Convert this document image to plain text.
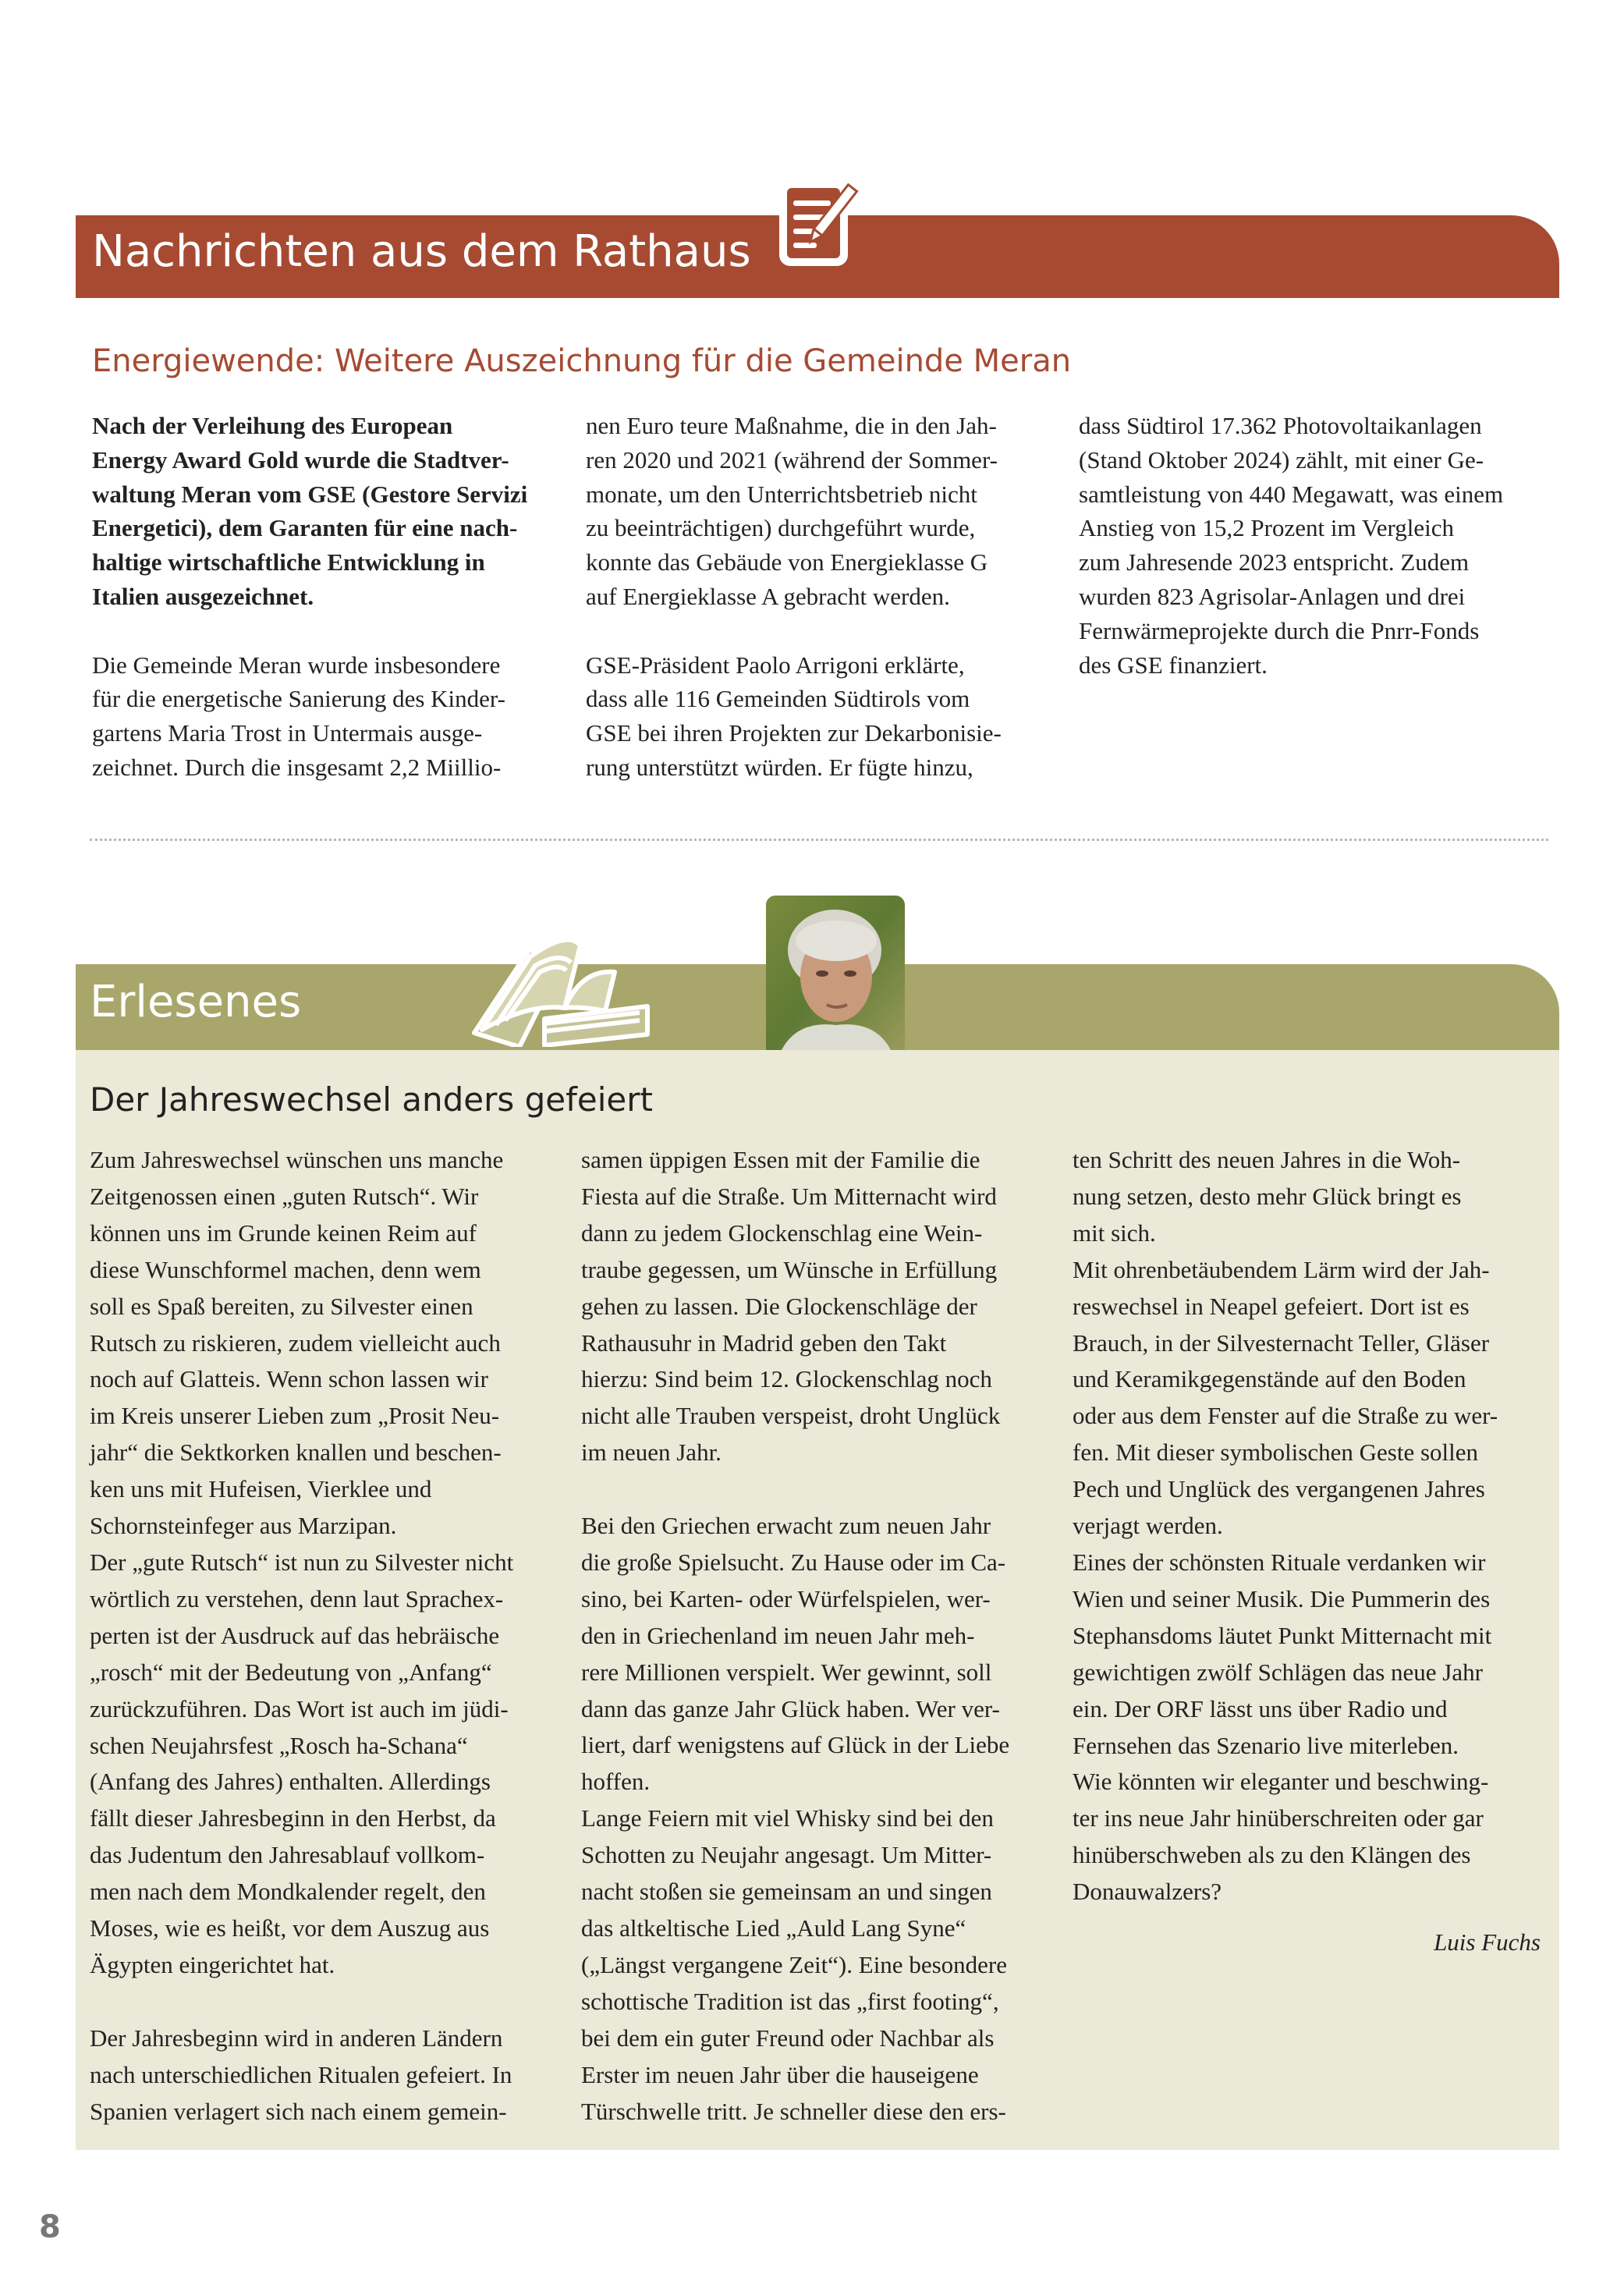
Nachrichten aus dem Rathaus
Energiewende: Weitere Auszeichnung für die Gemeinde Meran

Nach der Verleihung des European

Energy Award Gold wurde die Stadtver-

waltung Meran vom GSE (Gestore Servizi

Energetici), dem Garanten für eine nach-

haltige wirtschaftliche Entwicklung in

Italien ausgezeichnet.

Die Gemeinde Meran wurde insbesondere

für die energetische Sanierung des Kinder-

gartens Maria Trost in Untermais ausge-

zeichnet. Durch die insgesamt 2,2 Miillio-

nen Euro teure Maßnahme, die in den Jah-

ren 2020 und 2021 (während der Sommer-

monate, um den Unterrichtsbetrieb nicht

zu beeinträchtigen) durchgeführt wurde,

konnte das Gebäude von Energieklasse G

auf Energieklasse A gebracht werden.

GSE-Präsident Paolo Arrigoni erklärte,

dass alle 116 Gemeinden Südtirols vom

GSE bei ihren Projekten zur Dekarbonisie-

rung unterstützt würden. Er fügte hinzu,

dass Südtirol 17.362 Photovoltaikanlagen

(Stand Oktober 2024) zählt, mit einer Ge-

samtleistung von 440 Megawatt, was einem

Anstieg von 15,2 Prozent im Vergleich

zum Jahresende 2023 entspricht. Zudem

wurden 823 Agrisolar-Anlagen und drei

Fernwärmeprojekte durch die Pnrr-Fonds

des GSE finanziert.

Erlesenes
Der Jahreswechsel anders gefeiert

Zum Jahreswechsel wünschen uns manche

Zeitgenossen einen „guten Rutsch“. Wir

können uns im Grunde keinen Reim auf

diese Wunschformel machen, denn wem

soll es Spaß bereiten, zu Silvester einen

Rutsch zu riskieren, zudem vielleicht auch

noch auf Glatteis. Wenn schon lassen wir

im Kreis unserer Lieben zum „Prosit Neu-

jahr“ die Sektkorken knallen und beschen-

ken uns mit Hufeisen, Vierklee und

Schornsteinfeger aus Marzipan.

Der „gute Rutsch“ ist nun zu Silvester nicht

wörtlich zu verstehen, denn laut Sprachex-

perten ist der Ausdruck auf das hebräische

„rosch“ mit der Bedeutung von „Anfang“

zurückzuführen. Das Wort ist auch im jüdi-

schen Neujahrsfest „Rosch ha-Schana“

(Anfang des Jahres) enthalten. Allerdings

fällt dieser Jahresbeginn in den Herbst, da

das Judentum den Jahresablauf vollkom-

men nach dem Mondkalender regelt, den

Moses, wie es heißt, vor dem Auszug aus

Ägypten eingerichtet hat.

Der Jahresbeginn wird in anderen Ländern

nach unterschiedlichen Ritualen gefeiert. In

Spanien verlagert sich nach einem gemein-

samen üppigen Essen mit der Familie die

Fiesta auf die Straße. Um Mitternacht wird

dann zu jedem Glockenschlag eine Wein-

traube gegessen, um Wünsche in Erfüllung

gehen zu lassen. Die Glockenschläge der

Rathausuhr in Madrid geben den Takt

hierzu: Sind beim 12. Glockenschlag noch

nicht alle Trauben verspeist, droht Unglück

im neuen Jahr.

Bei den Griechen erwacht zum neuen Jahr

die große Spielsucht. Zu Hause oder im Ca-

sino, bei Karten- oder Würfelspielen, wer-

den in Griechenland im neuen Jahr meh-

rere Millionen verspielt. Wer gewinnt, soll

dann das ganze Jahr Glück haben. Wer ver-

liert, darf wenigstens auf Glück in der Liebe

hoffen.

Lange Feiern mit viel Whisky sind bei den

Schotten zu Neujahr angesagt. Um Mitter-

nacht stoßen sie gemeinsam an und singen

das altkeltische Lied „Auld Lang Syne“

(„Längst vergangene Zeit“). Eine besondere

schottische Tradition ist das „first footing“,

bei dem ein guter Freund oder Nachbar als

Erster im neuen Jahr über die hauseigene

Türschwelle tritt. Je schneller diese den ers-

ten Schritt des neuen Jahres in die Woh-

nung setzen, desto mehr Glück bringt es

mit sich.

Mit ohrenbetäubendem Lärm wird der Jah-

reswechsel in Neapel gefeiert. Dort ist es

Brauch, in der Silvesternacht Teller, Gläser

und Keramikgegenstände auf den Boden

oder aus dem Fenster auf die Straße zu wer-

fen. Mit dieser symbolischen Geste sollen

Pech und Unglück des vergangenen Jahres

verjagt werden.

Eines der schönsten Rituale verdanken wir

Wien und seiner Musik. Die Pummerin des

Stephansdoms läutet Punkt Mitternacht mit

gewichtigen zwölf Schlägen das neue Jahr

ein. Der ORF lässt uns über Radio und

Fernsehen das Szenario live miterleben.

Wie könnten wir eleganter und beschwing-

ter ins neue Jahr hinüberschreiten oder gar

hinüberschweben als zu den Klängen des

Donauwalzers?

Luis Fuchs

8
